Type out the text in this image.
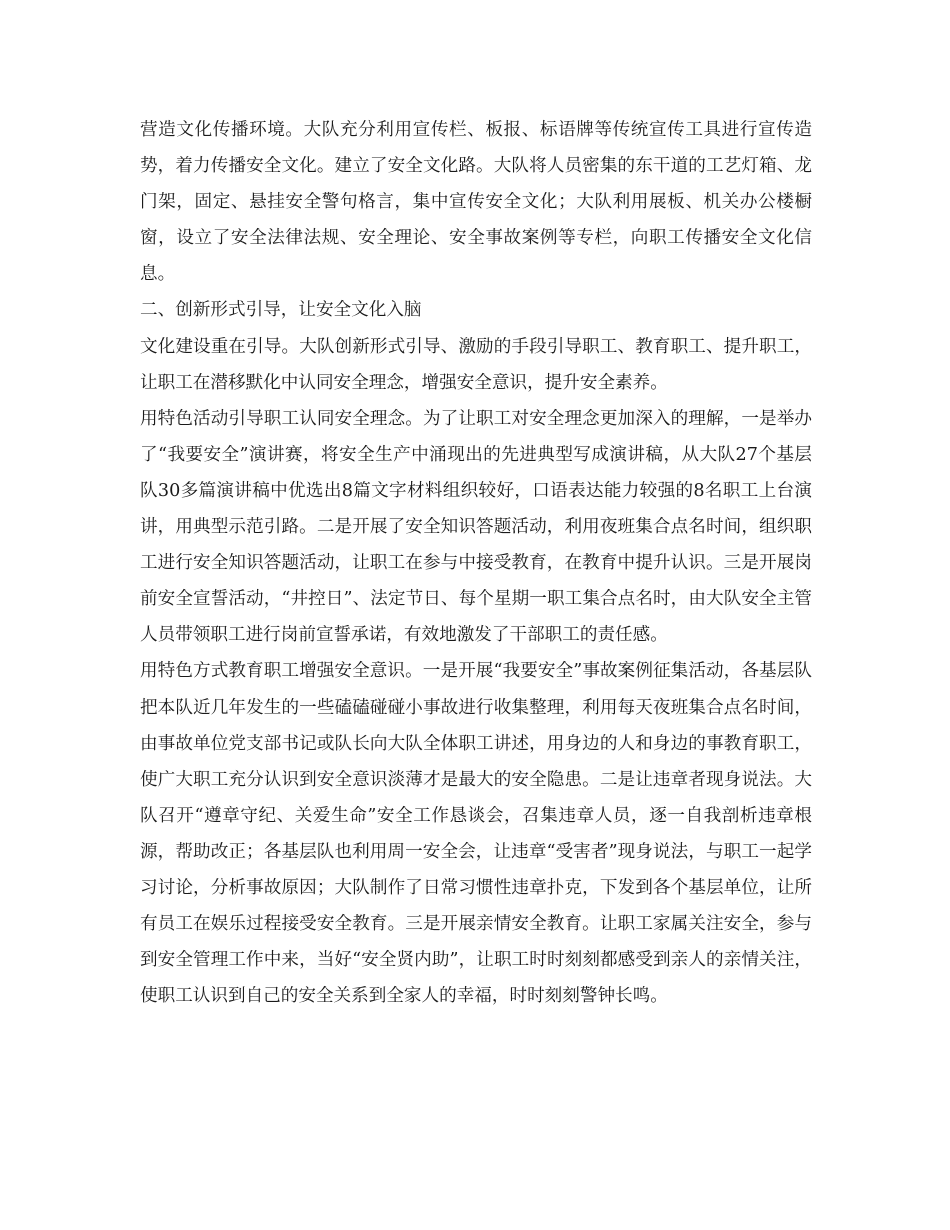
营造文化传播环境。大队充分利用宣传栏、板报、标语牌等传统宣传工具进行宣传造势，着力传播安全文化。建立了安全文化路。大队将人员密集的东干道的工艺灯箱、龙门架，固定、悬挂安全警句格言，集中宣传安全文化；大队利用展板、机关办公楼橱窗，设立了安全法律法规、安全理论、安全事故案例等专栏，向职工传播安全文化信息。

二、创新形式引导，让安全文化入脑

文化建设重在引导。大队创新形式引导、激励的手段引导职工、教育职工、提升职工，让职工在潜移默化中认同安全理念，增强安全意识，提升安全素养。

用特色活动引导职工认同安全理念。为了让职工对安全理念更加深入的理解，一是举办了“我要安全”演讲赛，将安全生产中涌现出的先进典型写成演讲稿，从大队27个基层队30多篇演讲稿中优选出8篇文字材料组织较好，口语表达能力较强的8名职工上台演讲，用典型示范引路。二是开展了安全知识答题活动，利用夜班集合点名时间，组织职工进行安全知识答题活动，让职工在参与中接受教育，在教育中提升认识。三是开展岗前安全宣誓活动，“井控日”、法定节日、每个星期一职工集合点名时，由大队安全主管人员带领职工进行岗前宣誓承诺，有效地激发了干部职工的责任感。

用特色方式教育职工增强安全意识。一是开展“我要安全”事故案例征集活动，各基层队把本队近几年发生的一些磕磕碰碰小事故进行收集整理，利用每天夜班集合点名时间，由事故单位党支部书记或队长向大队全体职工讲述，用身边的人和身边的事教育职工，使广大职工充分认识到安全意识淡薄才是最大的安全隐患。二是让违章者现身说法。大队召开“遵章守纪、关爱生命”安全工作恳谈会，召集违章人员，逐一自我剖析违章根源，帮助改正；各基层队也利用周一安全会，让违章“受害者”现身说法，与职工一起学习讨论，分析事故原因；大队制作了日常习惯性违章扑克，下发到各个基层单位，让所有员工在娱乐过程接受安全教育。三是开展亲情安全教育。让职工家属关注安全，参与到安全管理工作中来，当好“安全贤内助”，让职工时时刻刻都感受到亲人的亲情关注，使职工认识到自己的安全关系到全家人的幸福，时时刻刻警钟长鸣。
